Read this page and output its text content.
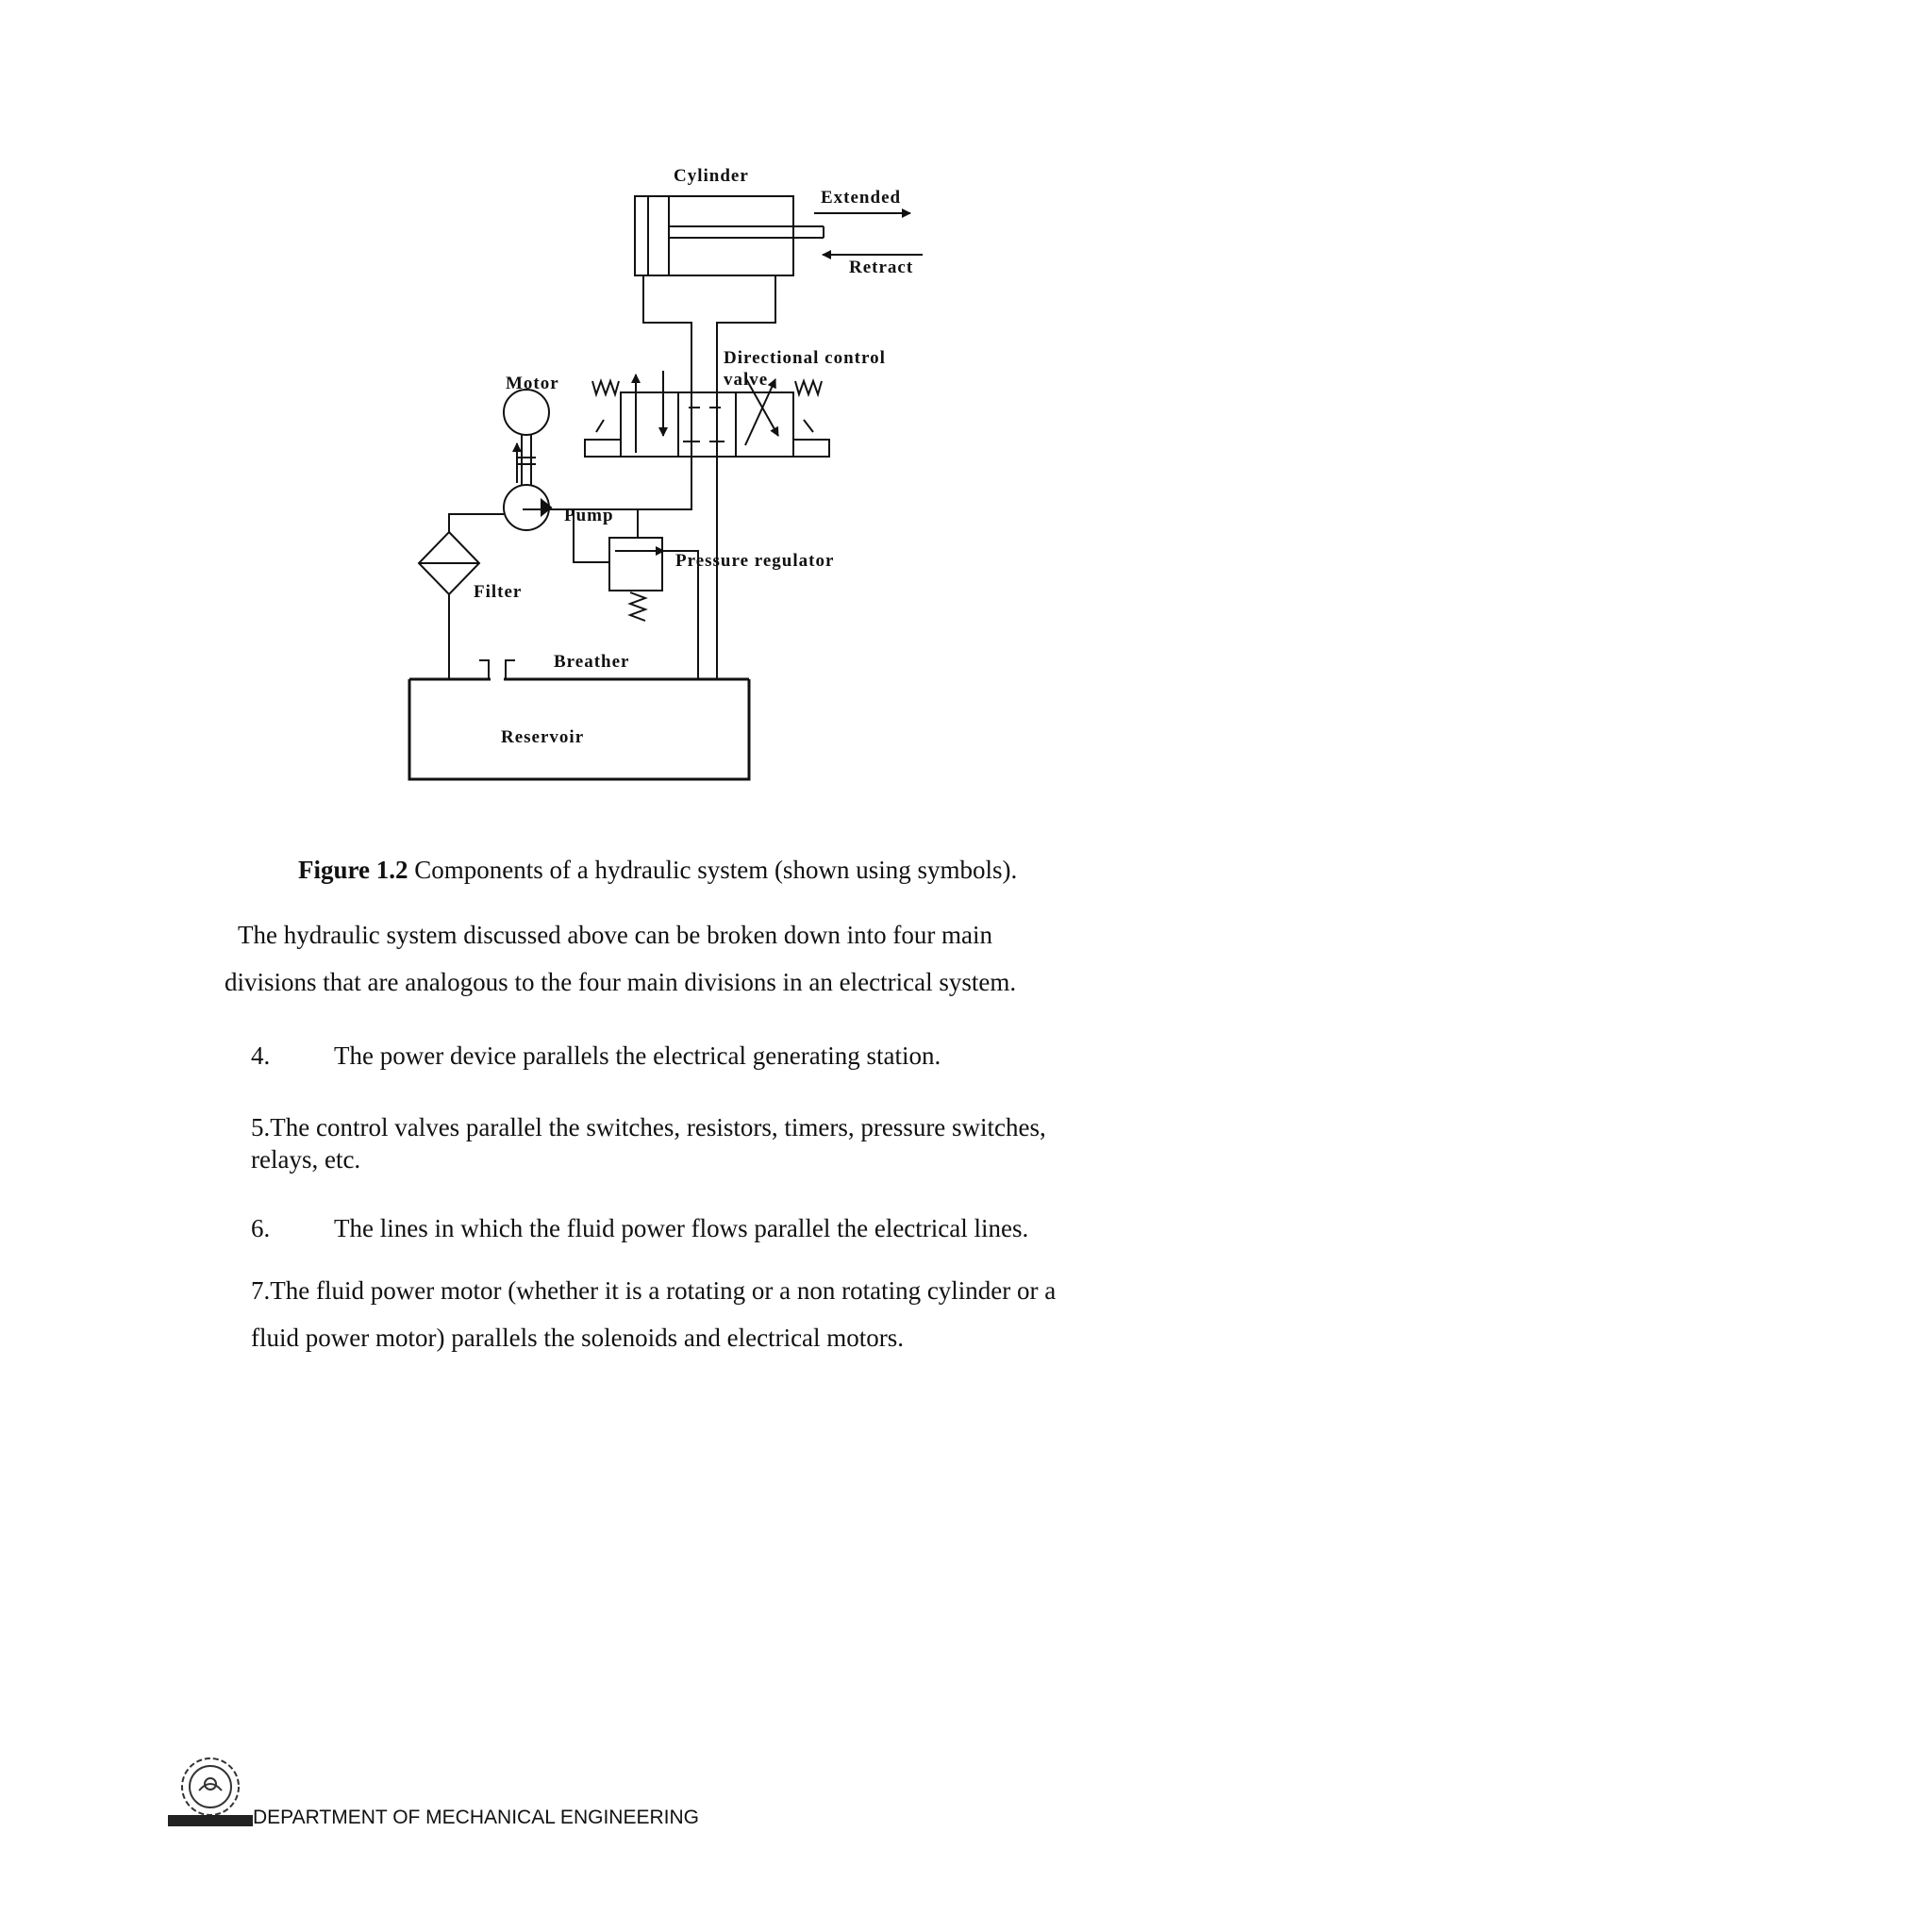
Cylinder
Extended
Retract
Directional control
valve
Motor
Pump
Pressure regulator
Filter
Breather
Reservoir
Figure 1.2 Components of a hydraulic system (shown using symbols).
The hydraulic system discussed above can be broken down into four main
divisions that are analogous to the four main divisions in an electrical system.
4.	The power device parallels the electrical generating station.
5.The control valves parallel the switches, resistors, timers, pressure switches,
relays, etc.
6.	The lines in which the fluid power flows parallel the electrical lines.
7.The fluid power motor (whether it is a rotating or a non rotating cylinder or a
fluid power motor) parallels the solenoids and electrical motors.
DEPARTMENT OF MECHANICAL ENGINEERING
